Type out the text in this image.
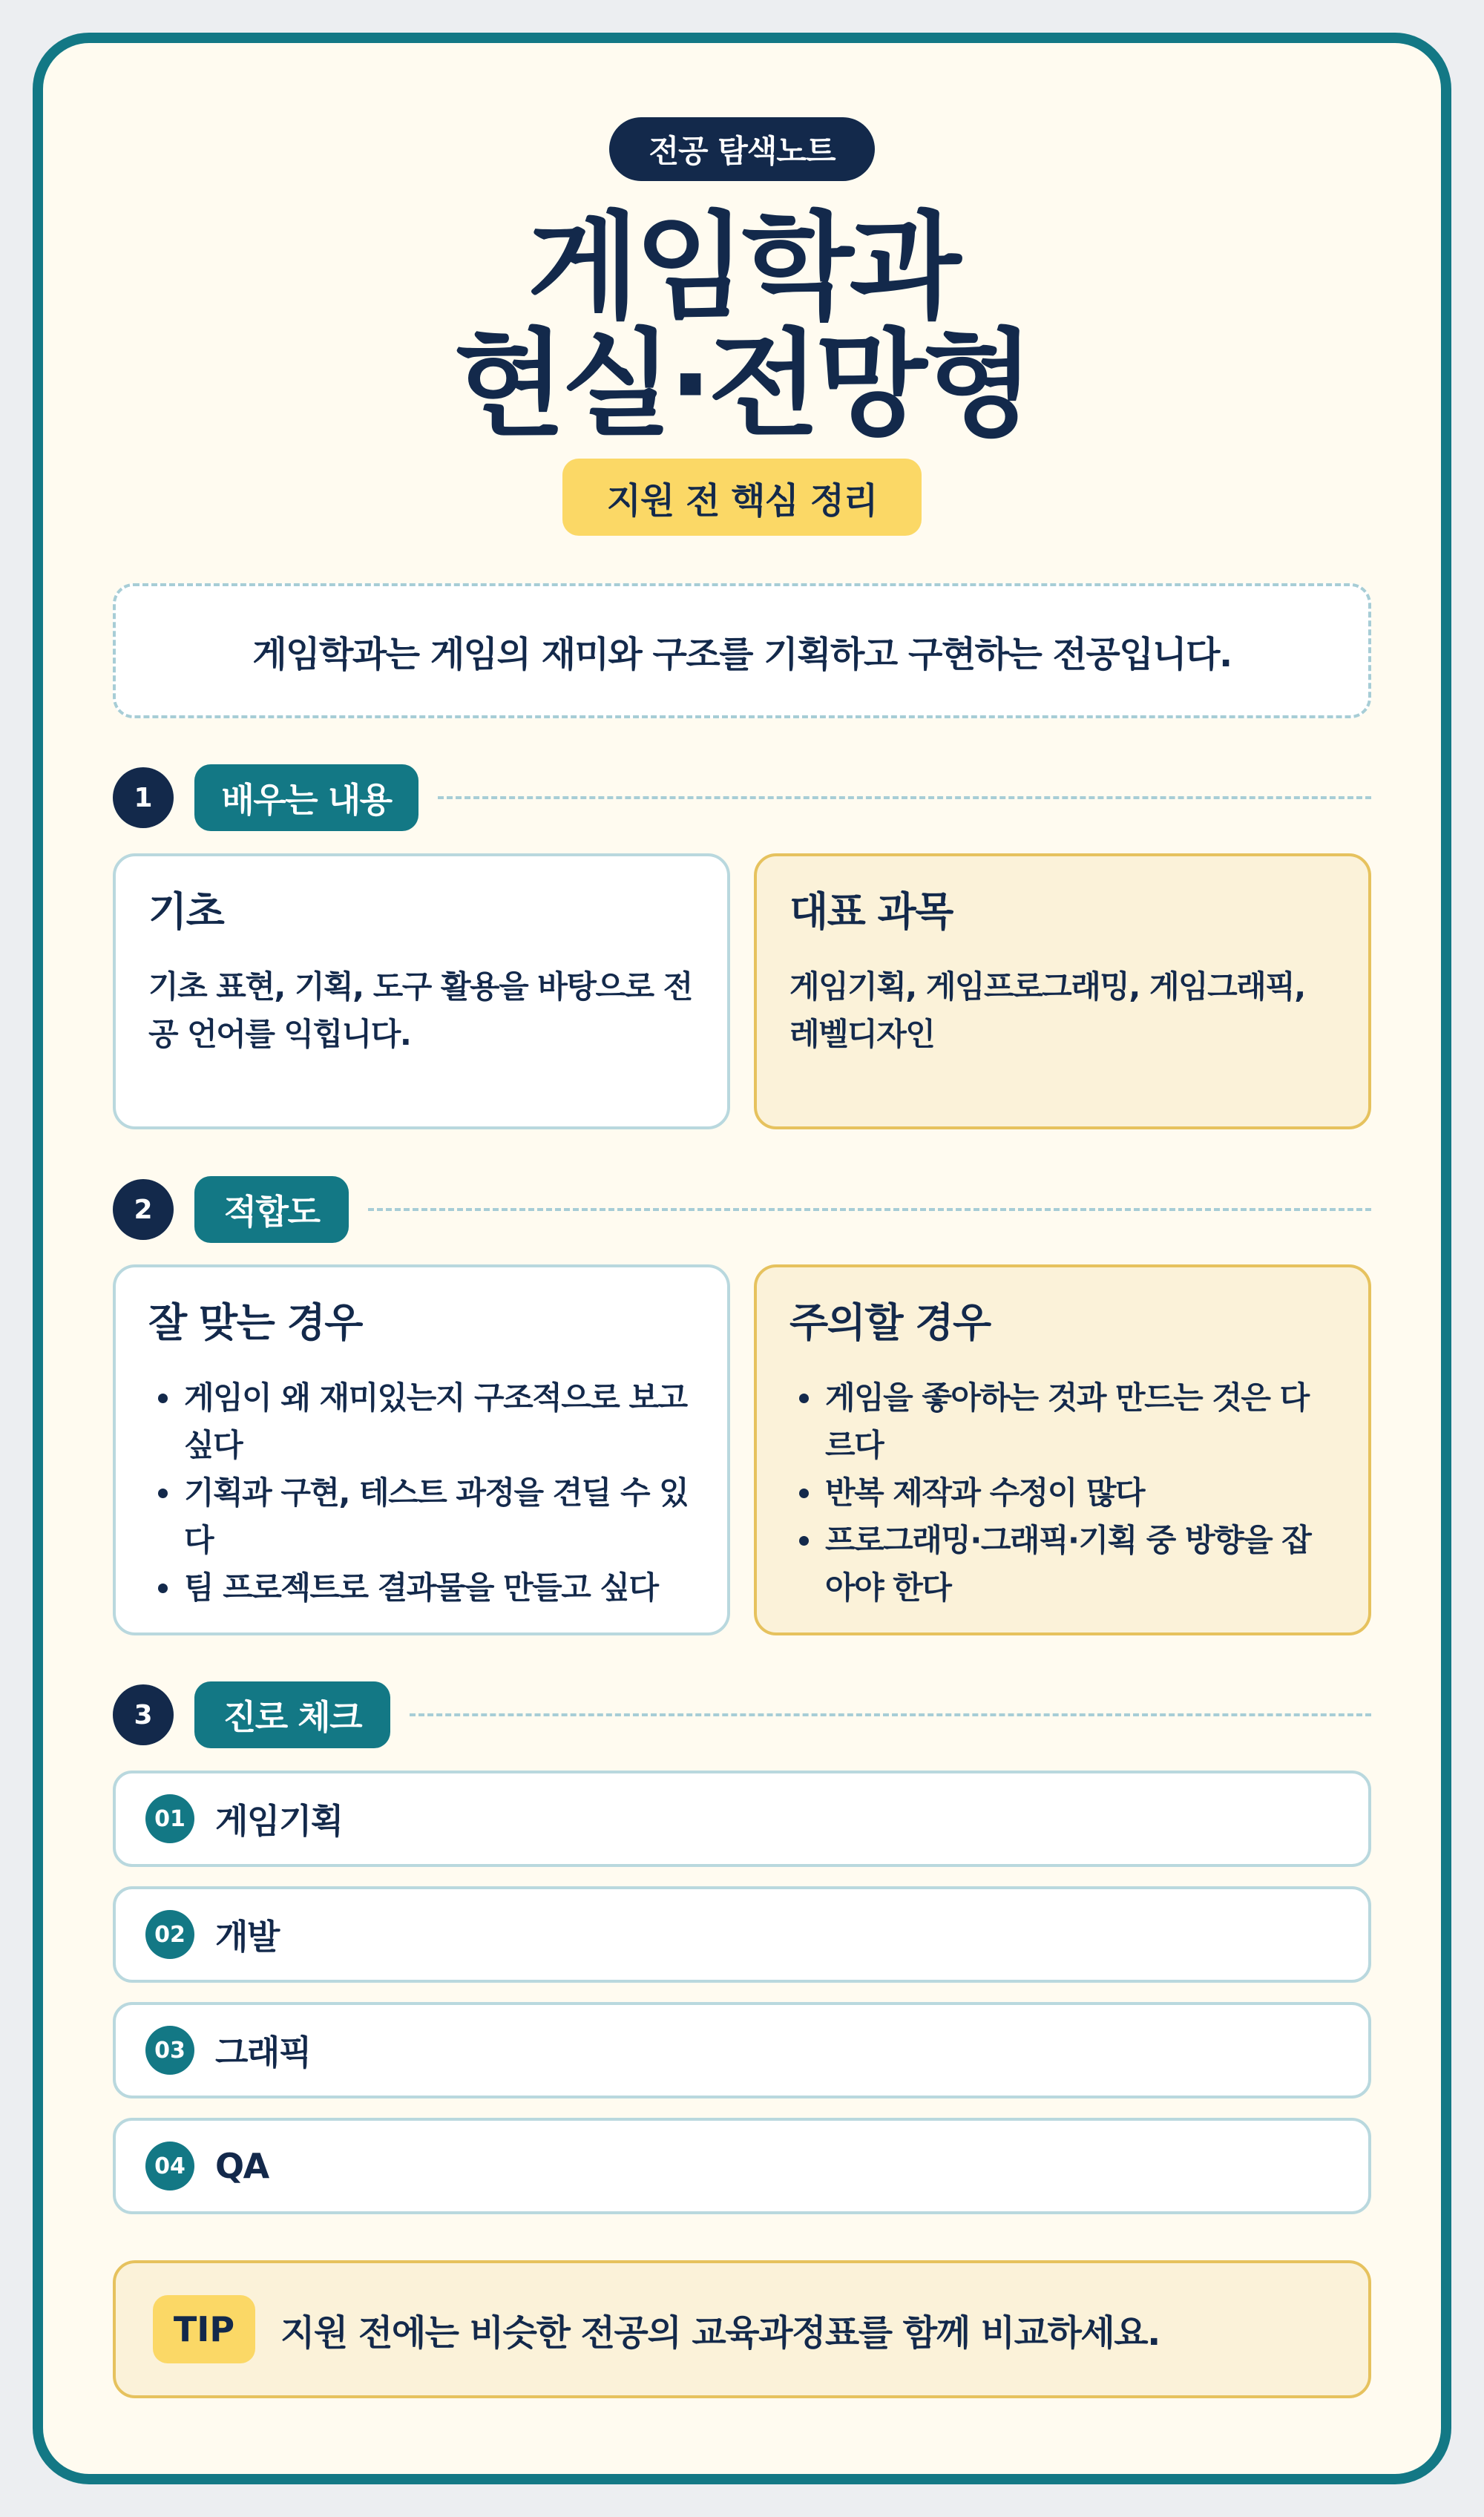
전공 탐색노트
게임학과
현실·전망형
지원 전 핵심 정리
게임학과는 게임의 재미와 구조를 기획하고 구현하는 전공입니다.
1	배우는 내용
기초

기초 표현, 기획, 도구 활용을 바탕으로 전공 언어를 익힙니다.

대표 과목

게임기획, 게임프로그래밍, 게임그래픽, 레벨디자인

2	적합도
잘 맞는 경우
• 게임이 왜 재미있는지 구조적으로 보고 싶다
• 기획과 구현, 테스트 과정을 견딜 수 있다
• 팀 프로젝트로 결과물을 만들고 싶다
주의할 경우
• 게임을 좋아하는 것과 만드는 것은 다르다
• 반복 제작과 수정이 많다
• 프로그래밍·그래픽·기획 중 방향을 잡아야 한다
3	진로 체크
01 게임기획
02 개발
03 그래픽
04 QA
TIP	지원 전에는 비슷한 전공의 교육과정표를 함께 비교하세요.
